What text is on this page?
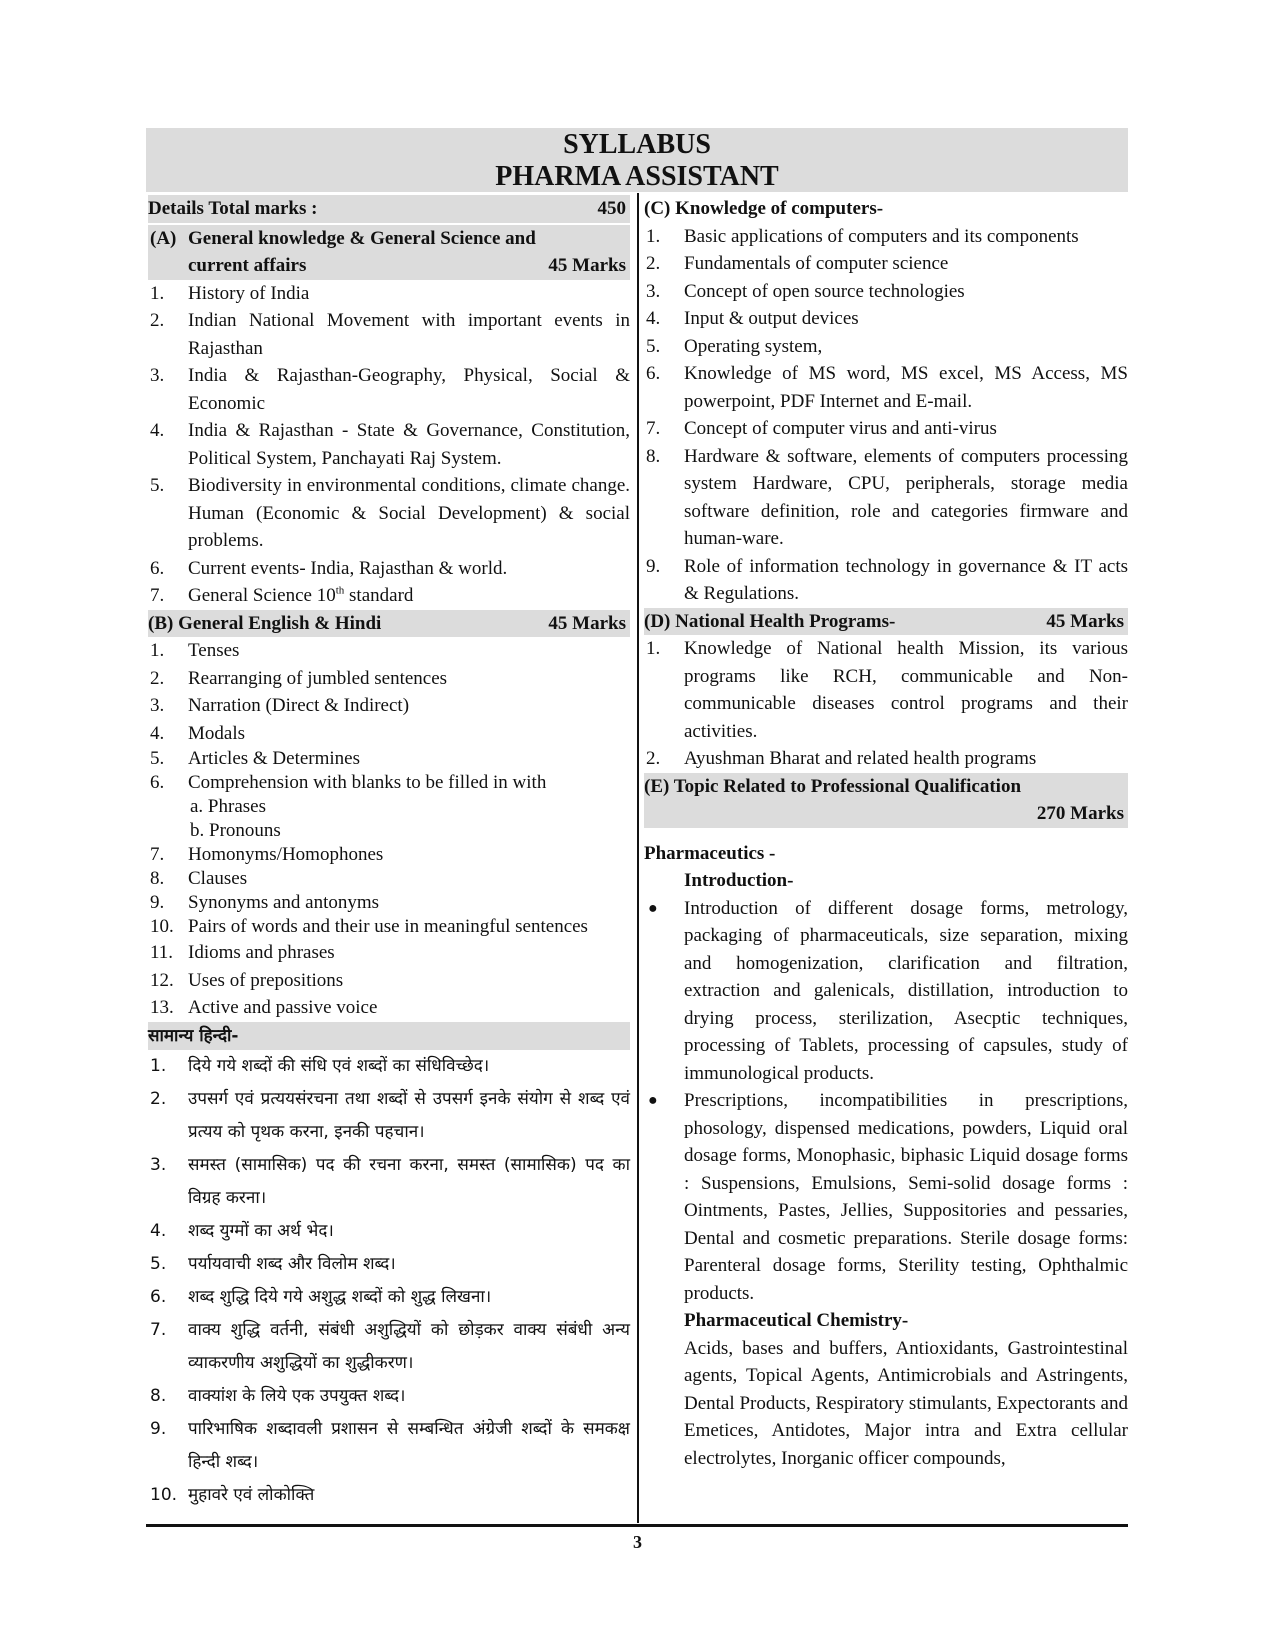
SYLLABUS
PHARMA ASSISTANT
Details Total marks :	450
(A) General knowledge & General Science and
current affairs	45 Marks
1. History of India
2. Indian National Movement with important events in Rajasthan
3. India & Rajasthan-Geography, Physical, Social & Economic
4. India & Rajasthan - State & Governance, Constitution, Political System, Panchayati Raj System.
5. Biodiversity in environmental conditions, climate change. Human (Economic & Social Development) & social problems.
6. Current events- India, Rajasthan & world.
7. General Science 10th standard
(B) General English & Hindi	45 Marks
1. Tenses
2. Rearranging of jumbled sentences
3. Narration (Direct & Indirect)
4. Modals
5. Articles & Determines
6. Comprehension with blanks to be filled in with
a. Phrases
b. Pronouns
7. Homonyms/Homophones
8. Clauses
9. Synonyms and antonyms
10. Pairs of words and their use in meaningful sentences
11. Idioms and phrases
12. Uses of prepositions
13. Active and passive voice
सामान्य हिन्दी-
1. दिये गये शब्दों की संधि एवं शब्दों का संधिविच्छेद।
2. उपसर्ग एवं प्रत्ययसंरचना तथा शब्दों से उपसर्ग इनके संयोग से शब्द एवं प्रत्यय को पृथक करना, इनकी पहचान।
3. समस्त (सामासिक) पद की रचना करना, समस्त (सामासिक) पद का विग्रह करना।
4. शब्द युग्मों का अर्थ भेद।
5. पर्यायवाची शब्द और विलोम शब्द।
6. शब्द शुद्धि दिये गये अशुद्ध शब्दों को शुद्ध लिखना।
7. वाक्य शुद्धि वर्तनी, संबंधी अशुद्धियों को छोड़कर वाक्य संबंधी अन्य व्याकरणीय अशुद्धियों का शुद्धीकरण।
8. वाक्यांश के लिये एक उपयुक्त शब्द।
9. पारिभाषिक शब्दावली प्रशासन से सम्बन्धित अंग्रेजी शब्दों के समकक्ष हिन्दी शब्द।
10. मुहावरे एवं लोकोक्ति
(C) Knowledge of computers-
1. Basic applications of computers and its components
2. Fundamentals of computer science
3. Concept of open source technologies
4. Input & output devices
5. Operating system,
6. Knowledge of MS word, MS excel, MS Access, MS powerpoint, PDF Internet and E-mail.
7. Concept of computer virus and anti-virus
8. Hardware & software, elements of computers processing system Hardware, CPU, peripherals, storage media software definition, role and categories firmware and human-ware.
9. Role of information technology in governance & IT acts & Regulations.
(D) National Health Programs-	45 Marks
1. Knowledge of National health Mission, its various programs like RCH, communicable and Non-communicable diseases control programs and their activities.
2. Ayushman Bharat and related health programs
(E) Topic Related to Professional Qualification
270 Marks
Pharmaceutics -
Introduction-
● Introduction of different dosage forms, metrology, packaging of pharmaceuticals, size separation, mixing and homogenization, clarification and filtration, extraction and galenicals, distillation, introduction to drying process, sterilization, Asecptic techniques, processing of Tablets, processing of capsules, study of immunological products.
● Prescriptions, incompatibilities in prescriptions, phosology, dispensed medications, powders, Liquid oral dosage forms, Monophasic, biphasic Liquid dosage forms : Suspensions, Emulsions, Semi-solid dosage forms : Ointments, Pastes, Jellies, Suppositories and pessaries, Dental and cosmetic preparations. Sterile dosage forms: Parenteral dosage forms, Sterility testing, Ophthalmic products.
Pharmaceutical Chemistry-
Acids, bases and buffers, Antioxidants, Gastrointestinal agents, Topical Agents, Antimicrobials and Astringents, Dental Products, Respiratory stimulants, Expectorants and Emetices, Antidotes, Major intra and Extra cellular electrolytes, Inorganic officer compounds,
3
